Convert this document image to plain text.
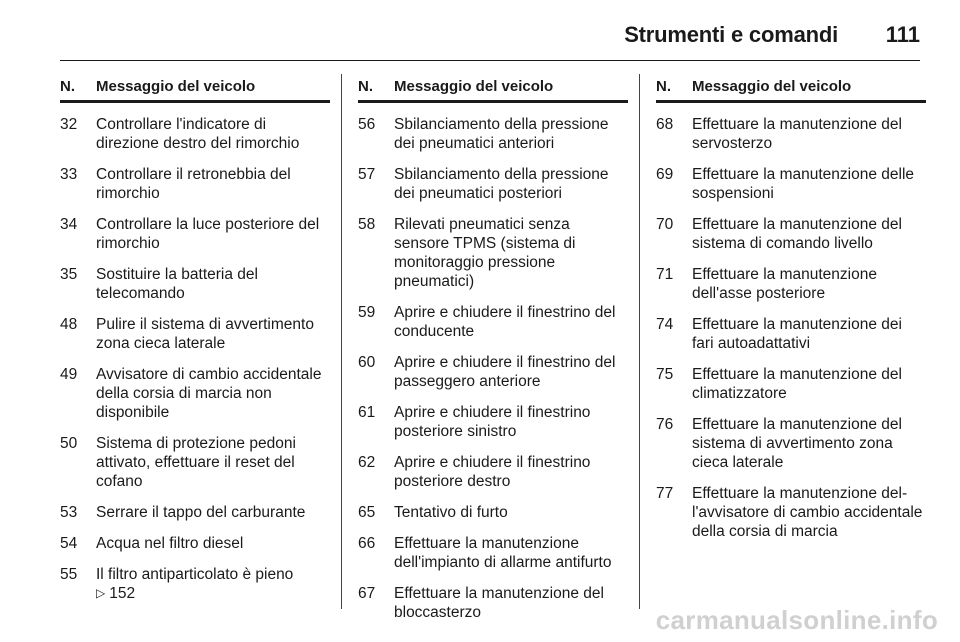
Strumenti e comandi 111
N.	Messaggio del veicolo
32	Controllare l'indicatore di direzione destro del rimorchio
33	Controllare il retronebbia del rimorchio
34	Controllare la luce posteriore del rimorchio
35	Sostituire la batteria del telecomando
48	Pulire il sistema di avvertimento zona cieca laterale
49	Avvisatore di cambio accidentale della corsia di marcia non disponibile
50	Sistema di protezione pedoni attivato, effettuare il reset del cofano
53	Serrare il tappo del carburante
54	Acqua nel filtro diesel
55	Il filtro antiparticolato è pieno
▷ 152
N.	Messaggio del veicolo
56	Sbilanciamento della pressione dei pneumatici anteriori
57	Sbilanciamento della pressione dei pneumatici posteriori
58	Rilevati pneumatici senza sensore TPMS (sistema di monitoraggio pressione pneumatici)
59	Aprire e chiudere il finestrino del conducente
60	Aprire e chiudere il finestrino del passeggero anteriore
61	Aprire e chiudere il finestrino posteriore sinistro
62	Aprire e chiudere il finestrino posteriore destro
65	Tentativo di furto
66	Effettuare la manutenzione dell'impianto di allarme antifurto
67	Effettuare la manutenzione del bloccasterzo
N.	Messaggio del veicolo
68	Effettuare la manutenzione del servosterzo
69	Effettuare la manutenzione delle sospensioni
70	Effettuare la manutenzione del sistema di comando livello
71	Effettuare la manutenzione dell'asse posteriore
74	Effettuare la manutenzione dei fari autoadattativi
75	Effettuare la manutenzione del climatizzatore
76	Effettuare la manutenzione del sistema di avvertimento zona cieca laterale
77	Effettuare la manutenzione del-l'avvisatore di cambio accidentale della corsia di marcia
carmanualsonline.info
